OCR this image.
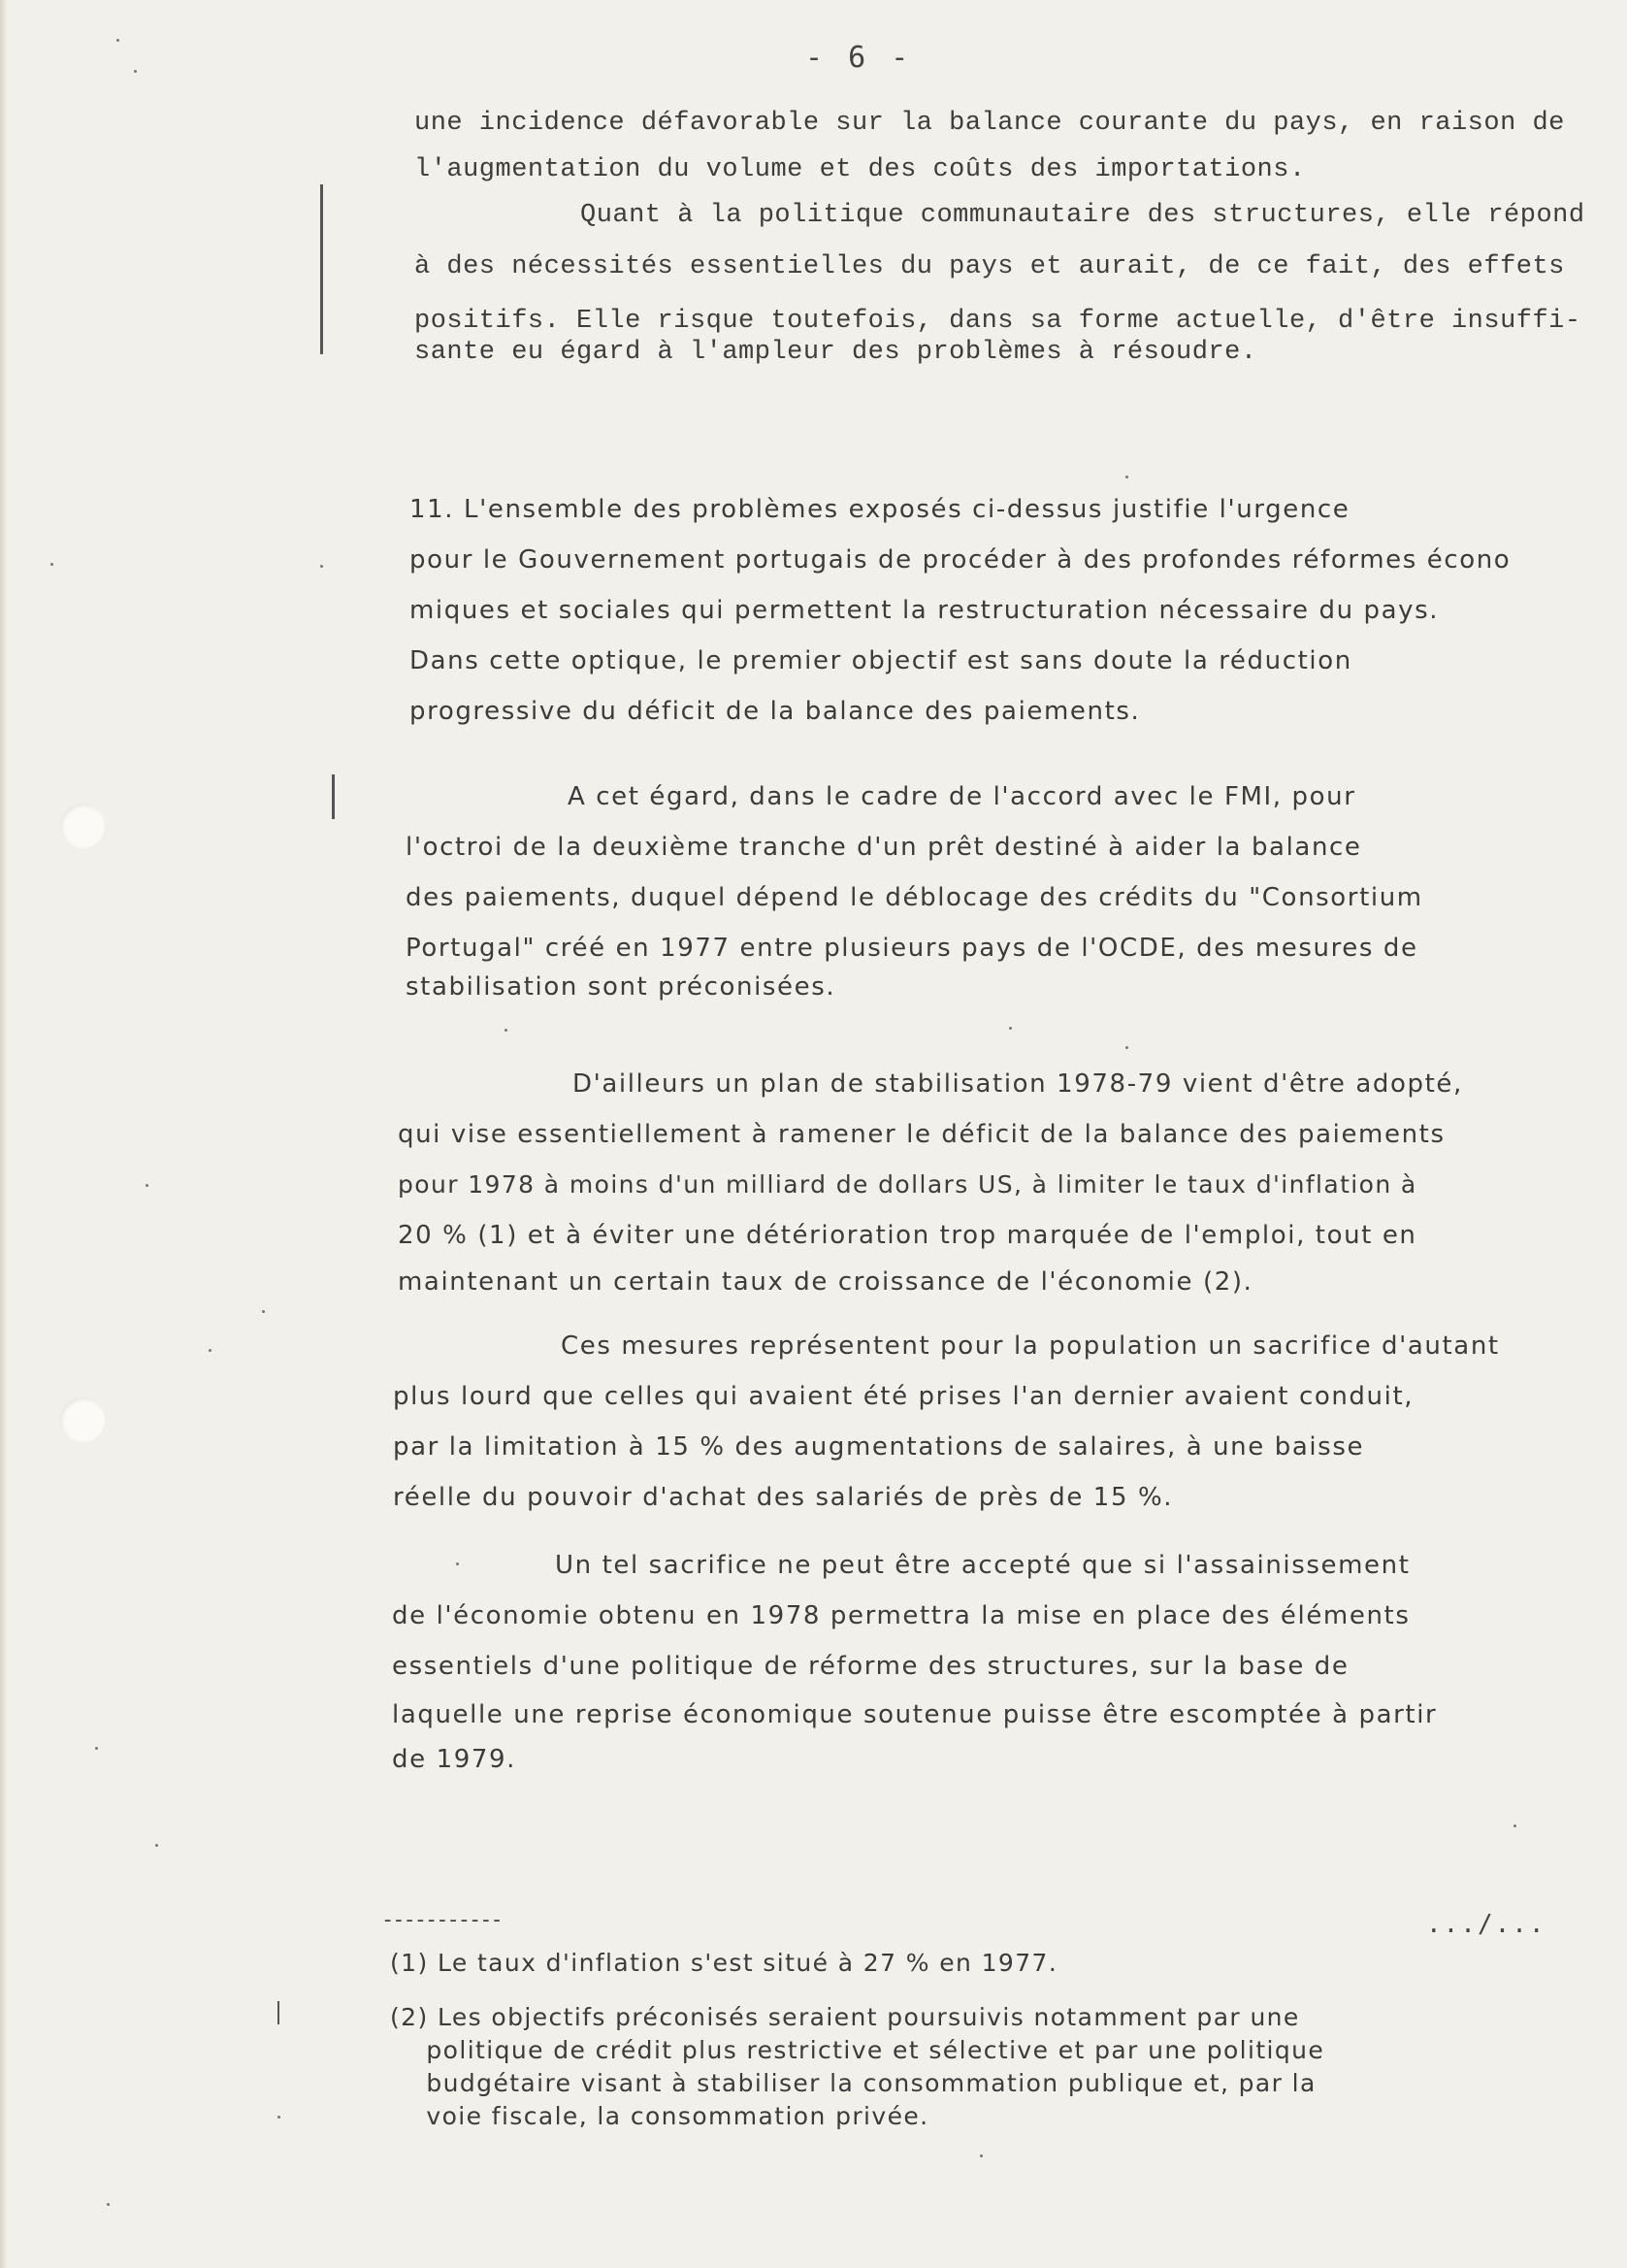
- 6 -
une incidence défavorable sur la balance courante du pays, en raison de
l'augmentation du volume et des coûts des importations.
Quant à la politique communautaire des structures, elle répond
à des nécessités essentielles du pays et aurait, de ce fait, des effets
positifs. Elle risque toutefois, dans sa forme actuelle, d'être insuffi-
sante eu égard à l'ampleur des problèmes à résoudre.
11. L'ensemble des problèmes exposés ci-dessus justifie l'urgence
pour le Gouvernement portugais de procéder à des profondes réformes écono
miques et sociales qui permettent la restructuration nécessaire du pays.
Dans cette optique, le premier objectif est sans doute la réduction
progressive du déficit de la balance des paiements.
A cet égard, dans le cadre de l'accord avec le FMI, pour
l'octroi de la deuxième tranche d'un prêt destiné à aider la balance
des paiements, duquel dépend le déblocage des crédits du "Consortium
Portugal" créé en 1977 entre plusieurs pays de l'OCDE, des mesures de
stabilisation sont préconisées.
D'ailleurs un plan de stabilisation 1978-79 vient d'être adopté,
qui vise essentiellement à ramener le déficit de la balance des paiements
pour 1978 à moins d'un milliard de dollars US, à limiter le taux d'inflation à
20 % (1) et à éviter une détérioration trop marquée de l'emploi, tout en
maintenant un certain taux de croissance de l'économie (2).
Ces mesures représentent pour la population un sacrifice d'autant
plus lourd que celles qui avaient été prises l'an dernier avaient conduit,
par la limitation à 15 % des augmentations de salaires, à une baisse
réelle du pouvoir d'achat des salariés de près de 15 %.
Un tel sacrifice ne peut être accepté que si l'assainissement
de l'économie obtenu en 1978 permettra la mise en place des éléments
essentiels d'une politique de réforme des structures, sur la base de
laquelle une reprise économique soutenue puisse être escomptée à partir
de 1979.
-----------	.../...
(1) Le taux d'inflation s'est situé à 27 % en 1977.
(2) Les objectifs préconisés seraient poursuivis notamment par une
politique de crédit plus restrictive et sélective et par une politique
budgétaire visant à stabiliser la consommation publique et, par la
voie fiscale, la consommation privée.
